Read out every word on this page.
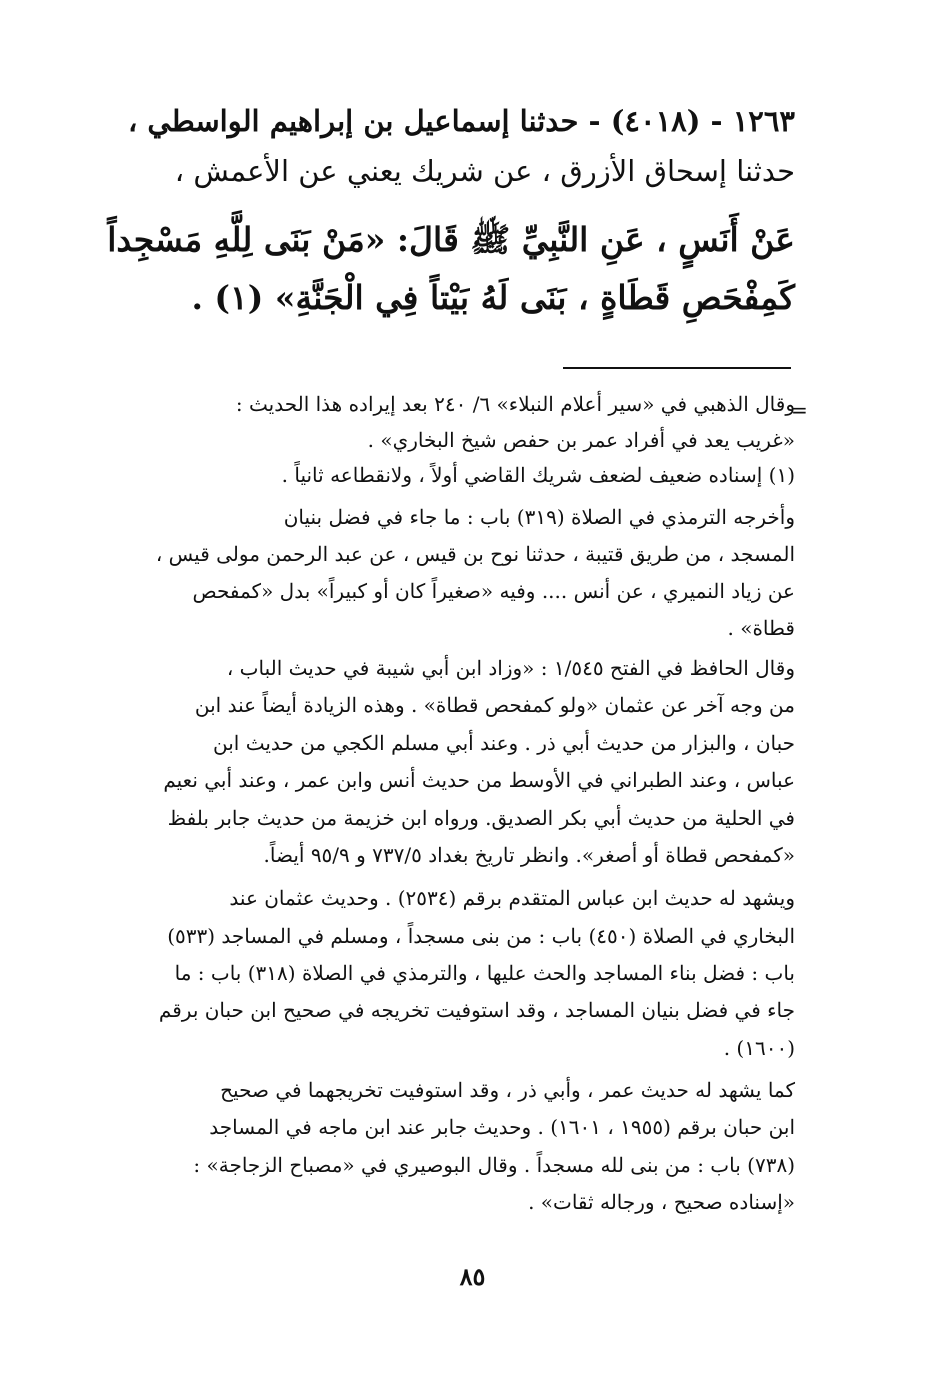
١٢٦٣ - (٤٠١٨) - حدثنا إسماعيل بن إبراهيم الواسطي ،
حدثنا إسحاق الأزرق ، عن شريك يعني عن الأعمش ،
عَنْ أَنَسٍ ، عَنِ النَّبِيِّ ﷺ قَالَ: «مَنْ بَنَى لِلَّهِ مَسْجِداً
كَمِفْحَصِ قَطَاةٍ ، بَنَى لَهُ بَيْتاً فِي الْجَنَّةِ» (١) .
=
وقال الذهبي في «سير أعلام النبلاء» ٦/ ٢٤٠ بعد إيراده هذا الحديث :
«غريب يعد في أفراد عمر بن حفص شيخ البخاري» .
(١) إسناده ضعيف لضعف شريك القاضي أولاً ، ولانقطاعه ثانياً .
وأخرجه الترمذي في الصلاة (٣١٩) باب : ما جاء في فضل بنيان
المسجد ، من طريق قتيبة ، حدثنا نوح بن قيس ، عن عبد الرحمن مولى قيس ،
عن زياد النميري ، عن أنس .... وفيه «صغيراً كان أو كبيراً» بدل «كمفحص
قطاة» .
وقال الحافظ في الفتح ١/٥٤٥ : «وزاد ابن أبي شيبة في حديث الباب ،
من وجه آخر عن عثمان «ولو كمفحص قطاة» . وهذه الزيادة أيضاً عند ابن
حبان ، والبزار من حديث أبي ذر . وعند أبي مسلم الكجي من حديث ابن
عباس ، وعند الطبراني في الأوسط من حديث أنس وابن عمر ، وعند أبي نعيم
في الحلية من حديث أبي بكر الصديق. ورواه ابن خزيمة من حديث جابر بلفظ
«كمفحص قطاة أو أصغر». وانظر تاريخ بغداد ٧٣٧/٥ و ٩٥/٩ أيضاً.
ويشهد له حديث ابن عباس المتقدم برقم (٢٥٣٤) . وحديث عثمان عند
البخاري في الصلاة (٤٥٠) باب : من بنى مسجداً ، ومسلم في المساجد (٥٣٣)
باب : فضل بناء المساجد والحث عليها ، والترمذي في الصلاة (٣١٨) باب : ما
جاء في فضل بنيان المساجد ، وقد استوفيت تخريجه في صحيح ابن حبان برقم
(١٦٠٠) .
كما يشهد له حديث عمر ، وأبي ذر ، وقد استوفيت تخريجهما في صحيح
ابن حبان برقم (١٩٥٥ ، ١٦٠١) . وحديث جابر عند ابن ماجه في المساجد
(٧٣٨) باب : من بنى لله مسجداً . وقال البوصيري في «مصباح الزجاجة» :
«إسناده صحيح ، ورجاله ثقات» .
٨٥
